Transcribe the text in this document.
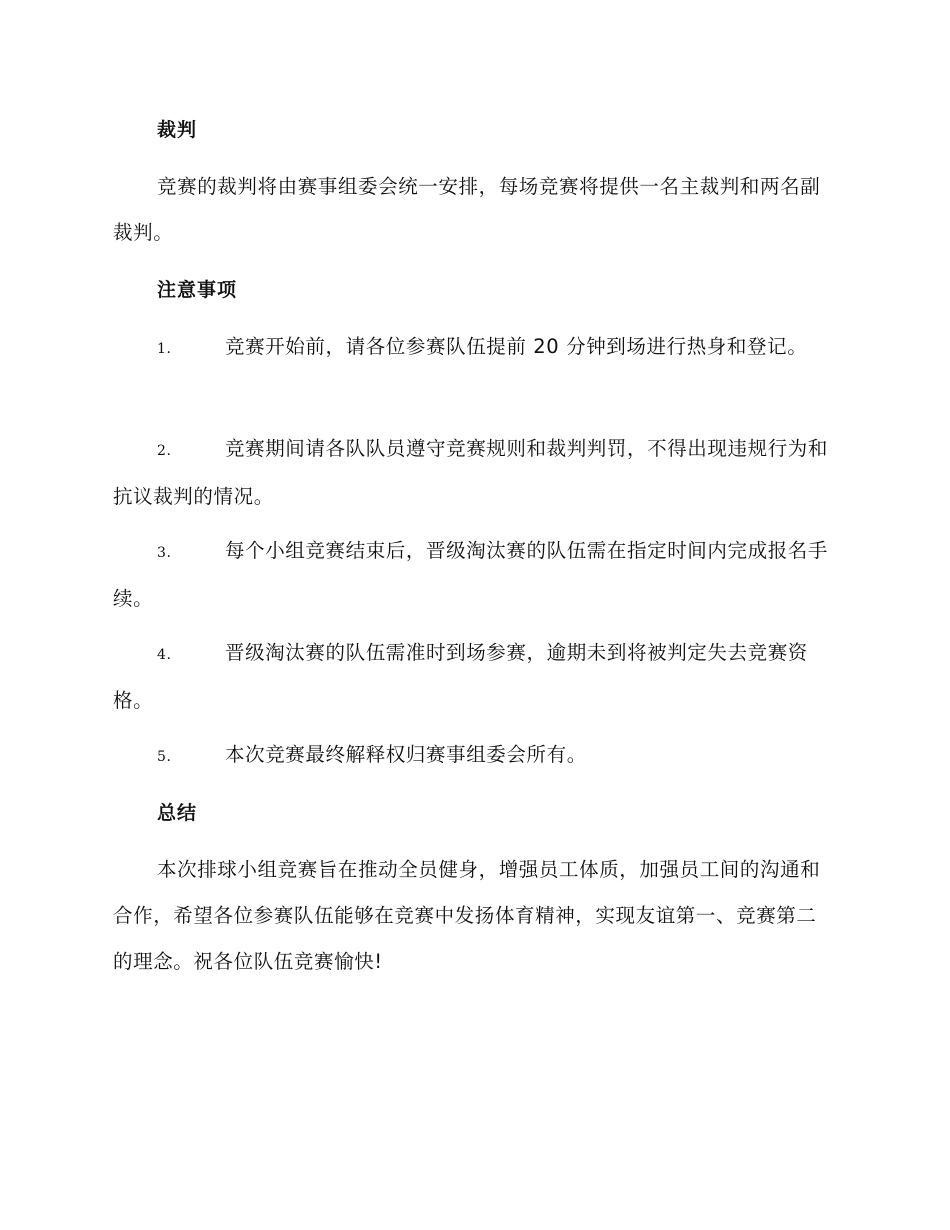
裁判

竞赛的裁判将由赛事组委会统一安排，每场竞赛将提供一名主裁判和两名副裁判。

注意事项

1.	竞赛开始前，请各位参赛队伍提前 20 分钟到场进行热身和登记。

2.	竞赛期间请各队队员遵守竞赛规则和裁判判罚，不得出现违规行为和抗议裁判的情况。

3.	每个小组竞赛结束后，晋级淘汰赛的队伍需在指定时间内完成报名手续。

4.	晋级淘汰赛的队伍需准时到场参赛，逾期未到将被判定失去竞赛资格。

5.	本次竞赛最终解释权归赛事组委会所有。

总结

本次排球小组竞赛旨在推动全员健身，增强员工体质，加强员工间的沟通和合作，希望各位参赛队伍能够在竞赛中发扬体育精神，实现友谊第一、竞赛第二的理念。祝各位队伍竞赛愉快!
